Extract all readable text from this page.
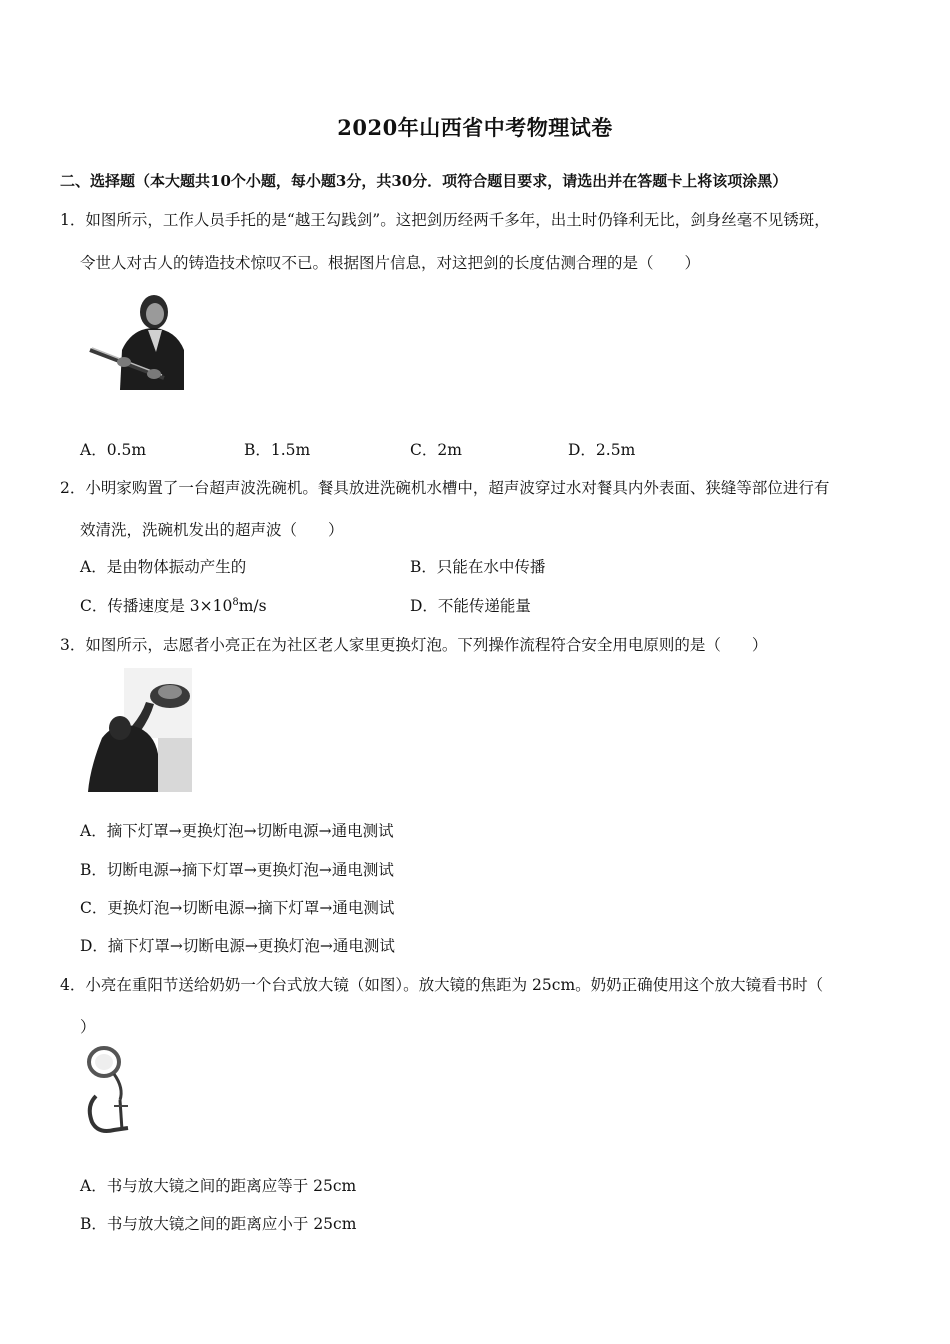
2020年山西省中考物理试卷
二、选择题（本大题共10个小题，每小题3分，共30分．项符合题目要求，请选出并在答题卡上将该项涂黑）
1．如图所示，工作人员手托的是“越王勾践剑”。这把剑历经两千多年，出土时仍锋利无比，剑身丝毫不见锈斑，
令世人对古人的铸造技术惊叹不已。根据图片信息，对这把剑的长度估测合理的是（　　）
A．0.5m	B．1.5m	C．2m	D．2.5m
2．小明家购置了一台超声波洗碗机。餐具放进洗碗机水槽中，超声波穿过水对餐具内外表面、狭缝等部位进行有
效清洗，洗碗机发出的超声波（　　）
A．是由物体振动产生的	B．只能在水中传播
C．传播速度是 $3\times 10^8m/s$	D．不能传递能量
3．如图所示，志愿者小亮正在为社区老人家里更换灯泡。下列操作流程符合安全用电原则的是（　　）
A．摘下灯罩→更换灯泡→切断电源→通电测试
B．切断电源→摘下灯罩→更换灯泡→通电测试
C．更换灯泡→切断电源→摘下灯罩→通电测试
D．摘下灯罩→切断电源→更换灯泡→通电测试
4．小亮在重阳节送给奶奶一个台式放大镜（如图）。放大镜的焦距为 25cm。奶奶正确使用这个放大镜看书时（
）
A．书与放大镜之间的距离应等于 25cm
B．书与放大镜之间的距离应小于 25cm
